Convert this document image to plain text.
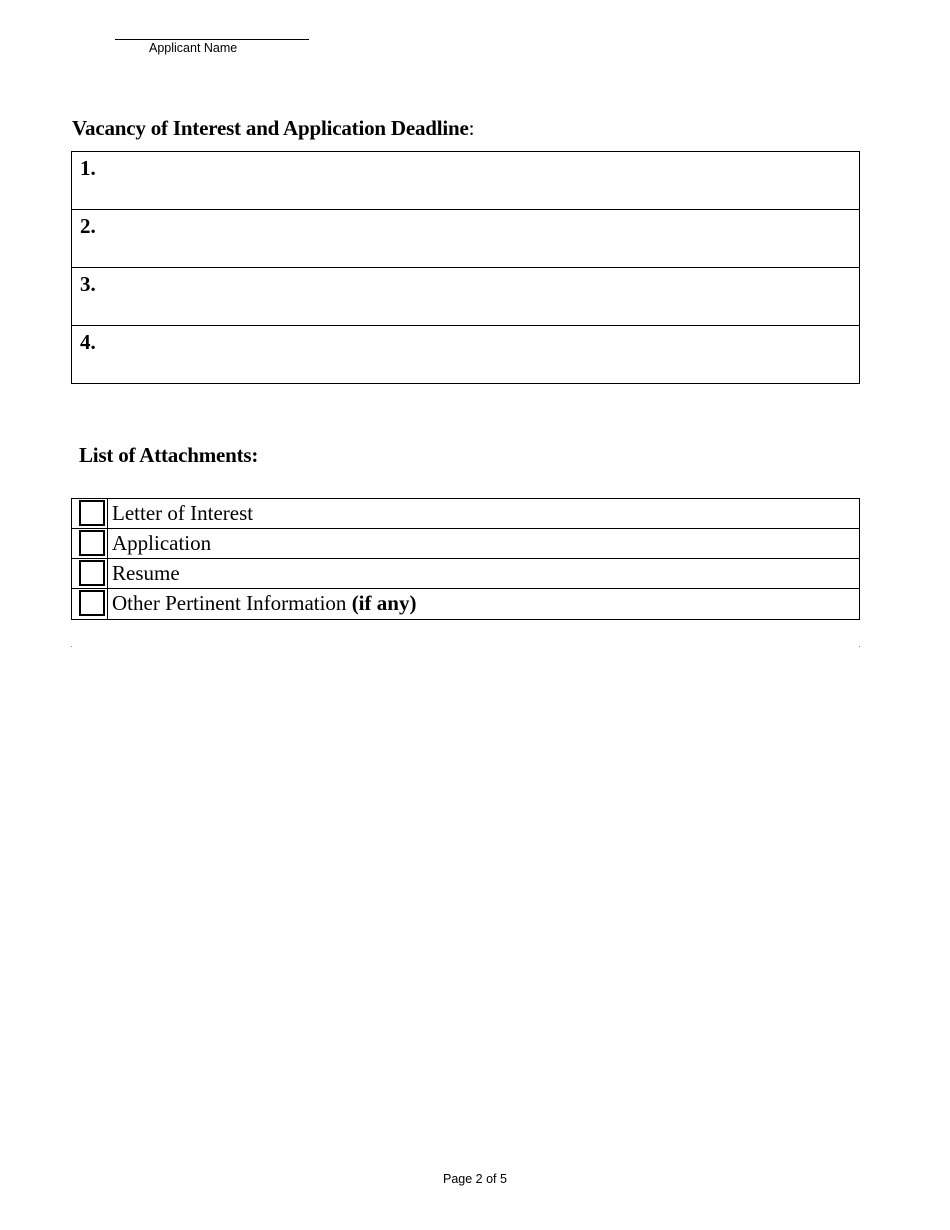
Applicant Name
Vacancy of Interest and Application Deadline:
1.
2.
3.
4.
List of Attachments:
Letter of Interest
Application
Resume
Other Pertinent Information (if any)
Page 2 of 5
